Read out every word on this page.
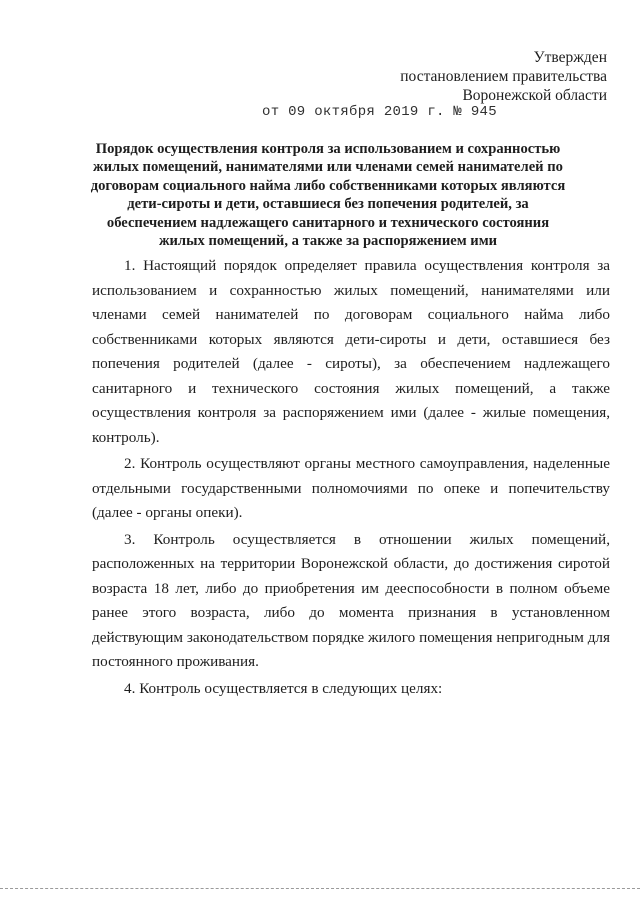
Утвержден
постановлением правительства
Воронежской области
от 09 октября 2019 г. № 945
Порядок осуществления контроля за использованием и сохранностью жилых помещений, нанимателями или членами семей нанимателей по договорам социального найма либо собственниками которых являются дети-сироты и дети, оставшиеся без попечения родителей, за обеспечением надлежащего санитарного и технического состояния жилых помещений, а также за распоряжением ими

1. Настоящий порядок определяет правила осуществления контроля за использованием и сохранностью жилых помещений, нанимателями или членами семей нанимателей по договорам социального найма либо собственниками которых являются дети-сироты и дети, оставшиеся без попечения родителей (далее - сироты), за обеспечением надлежащего санитарного и технического состояния жилых помещений, а также осуществления контроля за распоряжением ими (далее - жилые помещения, контроль).

2. Контроль осуществляют органы местного самоуправления, наделенные отдельными государственными полномочиями по опеке и попечительству (далее - органы опеки).

3. Контроль осуществляется в отношении жилых помещений, расположенных на территории Воронежской области, до достижения сиротой возраста 18 лет, либо до приобретения им дееспособности в полном объеме ранее этого возраста, либо до момента признания в установленном действующим законодательством порядке жилого помещения непригодным для постоянного проживания.

4. Контроль осуществляется в следующих целях:
